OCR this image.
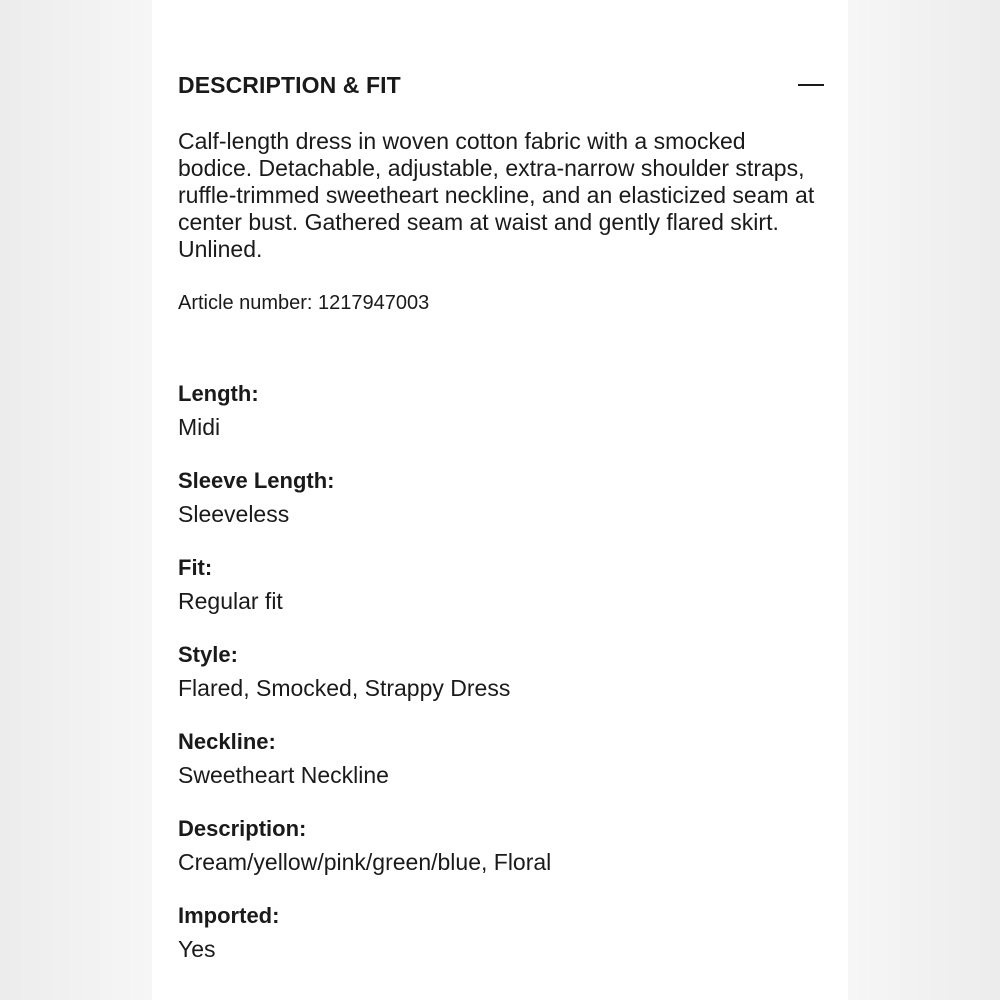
DESCRIPTION & FIT

Calf-length dress in woven cotton fabric with a smocked bodice. Detachable, adjustable, extra-narrow shoulder straps, ruffle-trimmed sweetheart neckline, and an elasticized seam at center bust. Gathered seam at waist and gently flared skirt. Unlined.

Article number: 1217947003
Length:
Midi
Sleeve Length:
Sleeveless
Fit:
Regular fit
Style:
Flared, Smocked, Strappy Dress
Neckline:
Sweetheart Neckline
Description:
Cream/yellow/pink/green/blue, Floral
Imported:
Yes
